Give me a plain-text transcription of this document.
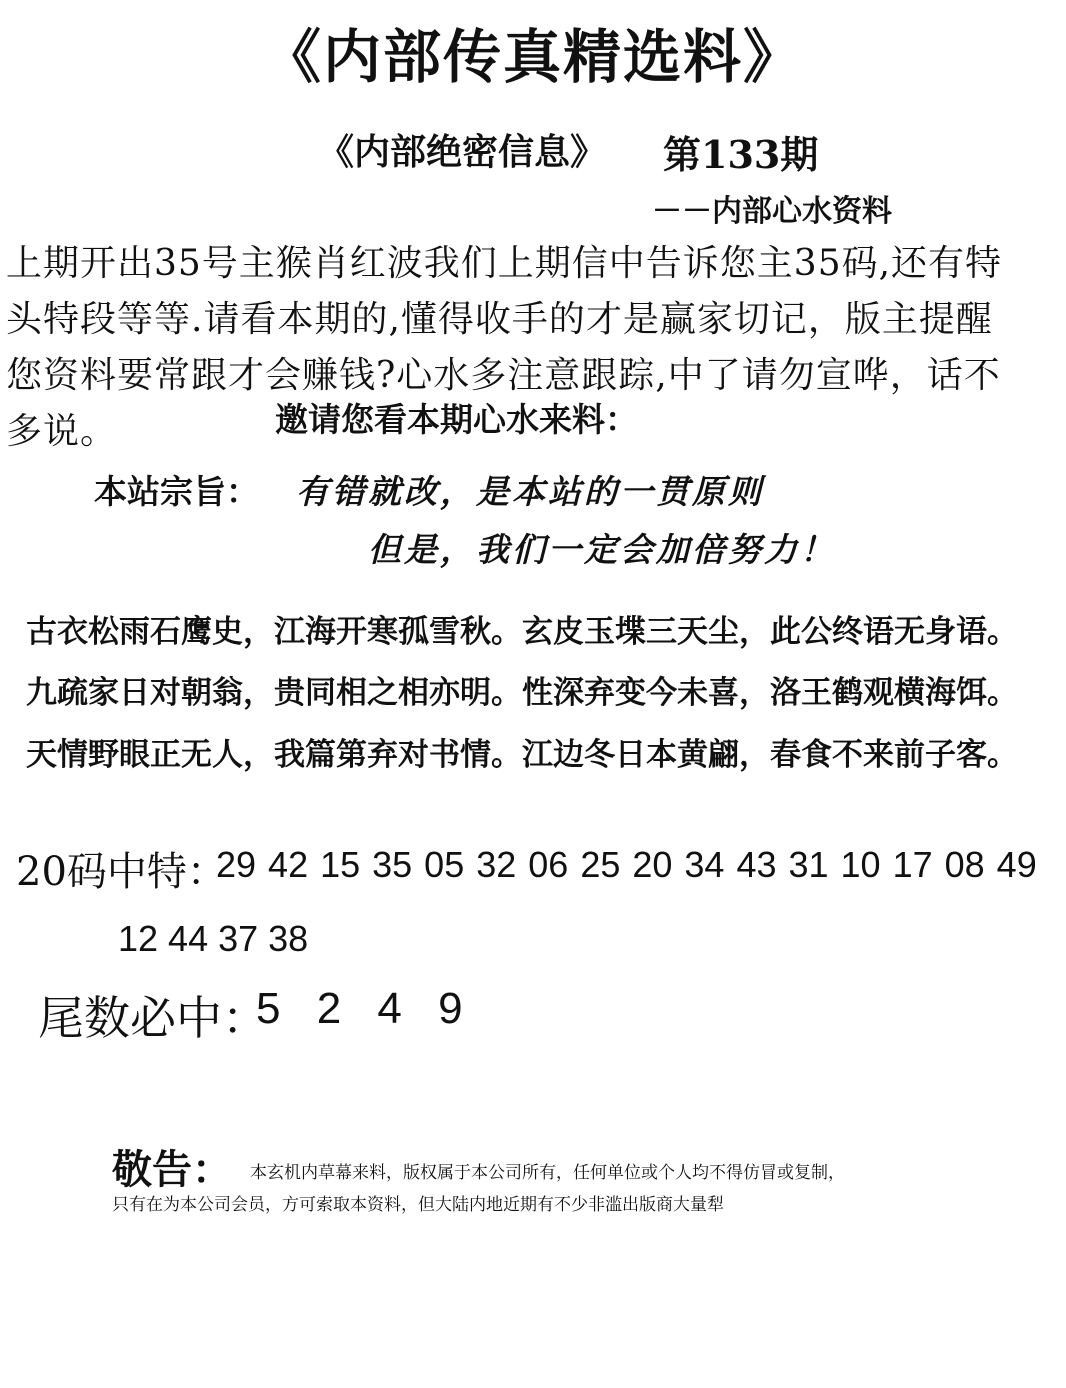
《内部传真精选料》
《内部绝密信息》 第133期
－－内部心水资料
上期开出35号主猴肖红波我们上期信中告诉您主35码,还有特
头特段等等.请看本期的,懂得收手的才是赢家切记，版主提醒
您资料要常跟才会赚钱?心水多注意跟踪,中了请勿宣哗，话不
多说。	邀请您看本期心水来料：
本站宗旨： 有错就改，是本站的一贯原则
但是，我们一定会加倍努力！
古衣松雨石鹰史，江海开寒孤雪秋。玄皮玉堞三天尘，此公终语无身语。
九疏家日对朝翁，贵同相之相亦明。性深弃变今未喜，洛王鹤观横海饵。
天情野眼正无人，我篇第弃对书情。江边冬日本黄翩，春食不来前子客。
20码中特：
29 42 15 35 05 32 06 25 20 34 43 31 10 17 08 49
12 44 37 38
尾数必中：
5 2 4 9
敬告： 本玄机内草幕来料，版权属于本公司所有，任何单位或个人均不得仿冒或复制，
只有在为本公司会员，方可索取本资料，但大陆内地近期有不少非滥出版商大量犁
